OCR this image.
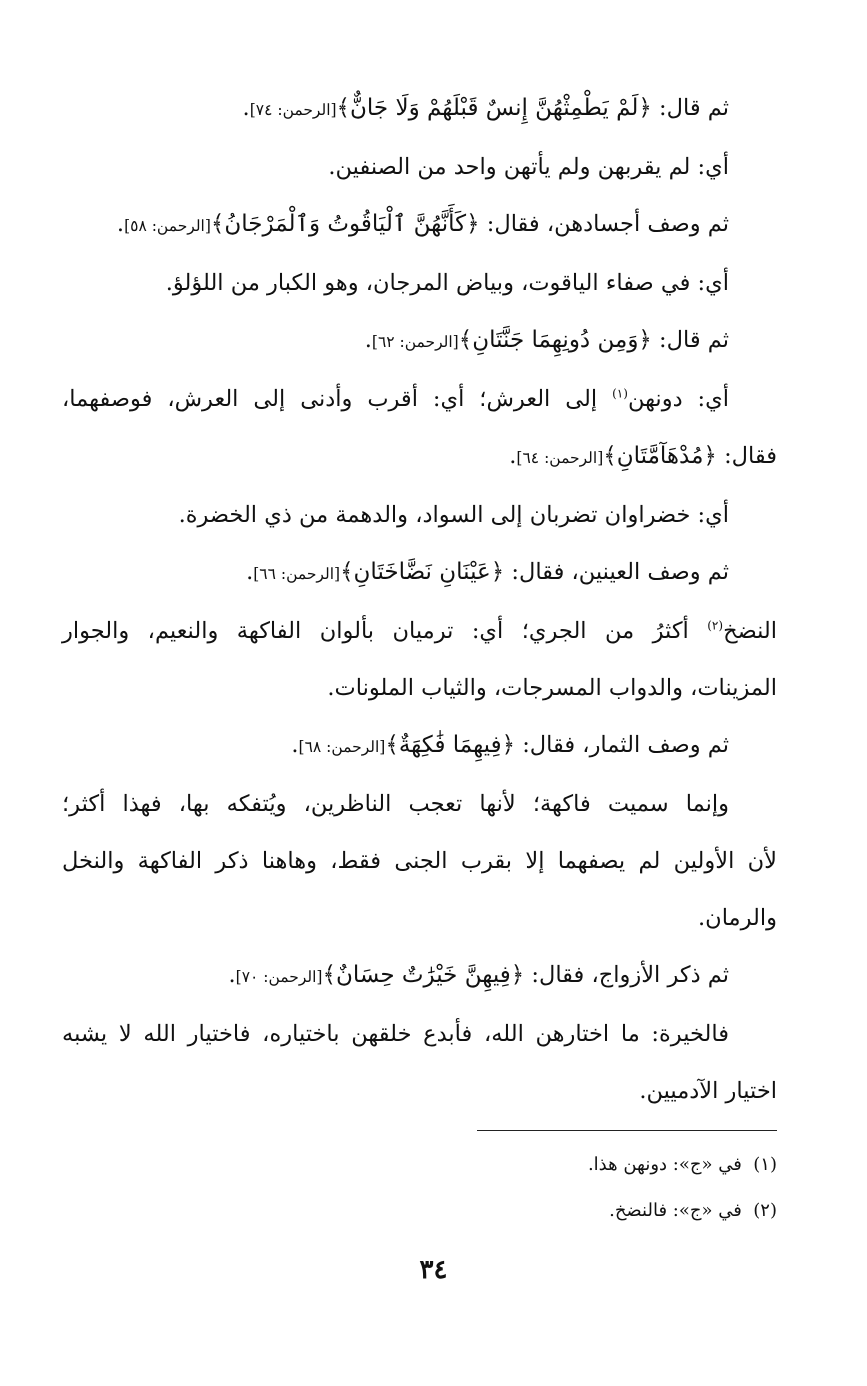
ثم قال: ﴿لَمْ يَطْمِثْهُنَّ إِنسٌ قَبْلَهُمْ وَلَا جَانٌّ﴾[الرحمن: ٧٤].
أي: لم يقربهن ولم يأتهن واحد من الصنفين.
ثم وصف أجسادهن، فقال: ﴿كَأَنَّهُنَّ ٱلْيَاقُوتُ وَٱلْمَرْجَانُ﴾[الرحمن: ٥٨].
أي: في صفاء الياقوت، وبياض المرجان، وهو الكبار من اللؤلؤ.
ثم قال: ﴿وَمِن دُونِهِمَا جَنَّتَانِ﴾[الرحمن: ٦٢].
أي: دونهن$^{(١)}$ إلى العرش؛ أي: أقرب وأدنى إلى العرش، فوصفهما،
فقال: ﴿مُدْهَآمَّتَانِ﴾[الرحمن: ٦٤].
أي: خضراوان تضربان إلى السواد، والدهمة من ذي الخضرة.
ثم وصف العينين، فقال: ﴿عَيْنَانِ نَضَّاخَتَانِ﴾[الرحمن: ٦٦].
النضخ$^{(٢)}$ أكثرُ من الجري؛ أي: ترميان بألوان الفاكهة والنعيم، والجوار
المزينات، والدواب المسرجات، والثياب الملونات.
ثم وصف الثمار، فقال: ﴿فِيهِمَا فَٰكِهَةٌ﴾[الرحمن: ٦٨].
وإنما سميت فاكهة؛ لأنها تعجب الناظرين، ويُتفكه بها، فهذا أكثر؛
لأن الأولين لم يصفهما إلا بقرب الجنى فقط، وهاهنا ذكر الفاكهة والنخل
والرمان.
ثم ذكر الأزواج، فقال: ﴿فِيهِنَّ خَيْرَٰتٌ حِسَانٌ﴾[الرحمن: ٧٠].
فالخيرة: ما اختارهن الله، فأبدع خلقهن باختياره، فاختيار الله لا يشبه
اختيار الآدميين.
(١)  في «ج»: دونهن هذا.
(٢)  في «ج»: فالنضخ.
٣٤
